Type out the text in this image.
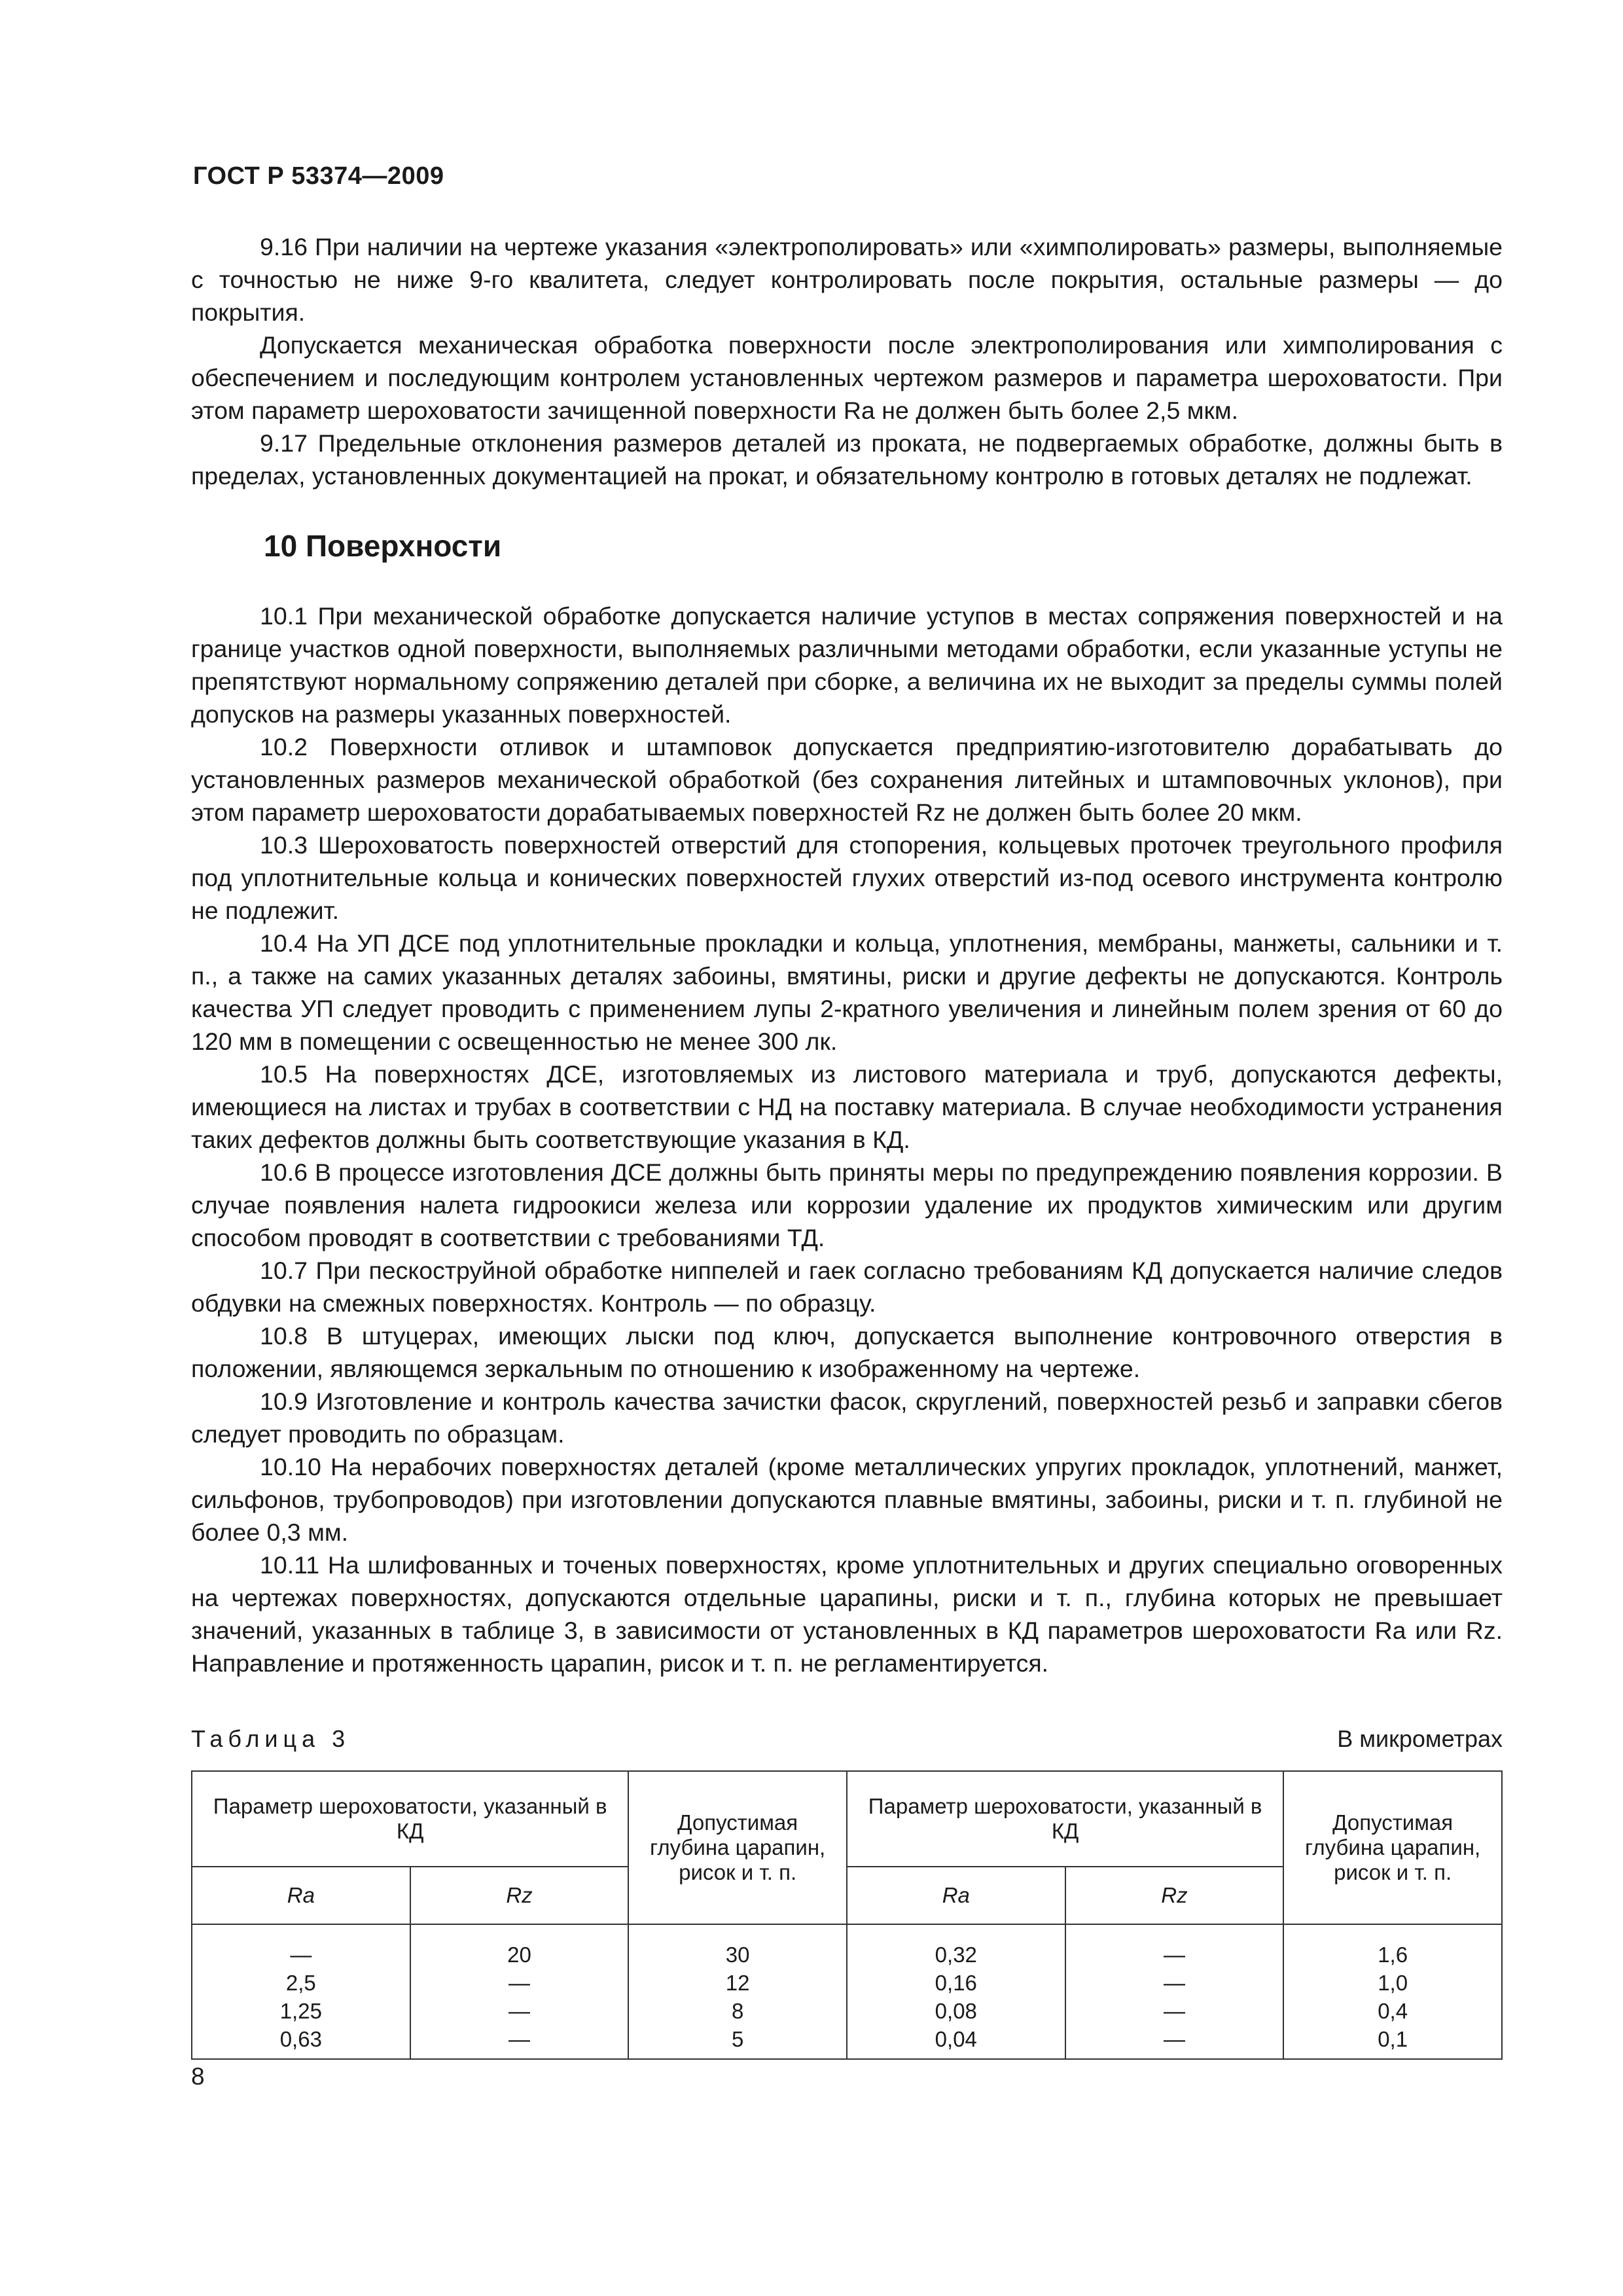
ГОСТ Р 53374—2009

9.16 При наличии на чертеже указания «электрополировать» или «химполировать» размеры, выполняемые с точностью не ниже 9-го квалитета, следует контролировать после покрытия, остальные размеры — до покрытия.

Допускается механическая обработка поверхности после электрополирования или химполирования с обеспечением и последующим контролем установленных чертежом размеров и параметра шероховатости. При этом параметр шероховатости зачищенной поверхности Ra не должен быть более 2,5 мкм.

9.17 Предельные отклонения размеров деталей из проката, не подвергаемых обработке, должны быть в пределах, установленных документацией на прокат, и обязательному контролю в готовых деталях не подлежат.

10 Поверхности

10.1 При механической обработке допускается наличие уступов в местах сопряжения поверхностей и на границе участков одной поверхности, выполняемых различными методами обработки, если указанные уступы не препятствуют нормальному сопряжению деталей при сборке, а величина их не выходит за пределы суммы полей допусков на размеры указанных поверхностей.

10.2 Поверхности отливок и штамповок допускается предприятию-изготовителю дорабатывать до установленных размеров механической обработкой (без сохранения литейных и штамповочных уклонов), при этом параметр шероховатости дорабатываемых поверхностей Rz не должен быть более 20 мкм.

10.3 Шероховатость поверхностей отверстий для стопорения, кольцевых проточек треугольного профиля под уплотнительные кольца и конических поверхностей глухих отверстий из-под осевого инструмента контролю не подлежит.

10.4 На УП ДСЕ под уплотнительные прокладки и кольца, уплотнения, мембраны, манжеты, сальники и т. п., а также на самих указанных деталях забоины, вмятины, риски и другие дефекты не допускаются. Контроль качества УП следует проводить с применением лупы 2-кратного увеличения и линейным полем зрения от 60 до 120 мм в помещении с освещенностью не менее 300 лк.

10.5 На поверхностях ДСЕ, изготовляемых из листового материала и труб, допускаются дефекты, имеющиеся на листах и трубах в соответствии с НД на поставку материала. В случае необходимости устранения таких дефектов должны быть соответствующие указания в КД.

10.6 В процессе изготовления ДСЕ должны быть приняты меры по предупреждению появления коррозии. В случае появления налета гидроокиси железа или коррозии удаление их продуктов химическим или другим способом проводят в соответствии с требованиями ТД.

10.7 При пескоструйной обработке ниппелей и гаек согласно требованиям КД допускается наличие следов обдувки на смежных поверхностях. Контроль — по образцу.

10.8 В штуцерах, имеющих лыски под ключ, допускается выполнение контровочного отверстия в положении, являющемся зеркальным по отношению к изображенному на чертеже.

10.9 Изготовление и контроль качества зачистки фасок, скруглений, поверхностей резьб и заправки сбегов следует проводить по образцам.

10.10 На нерабочих поверхностях деталей (кроме металлических упругих прокладок, уплотнений, манжет, сильфонов, трубопроводов) при изготовлении допускаются плавные вмятины, забоины, риски и т. п. глубиной не более 0,3 мм.

10.11 На шлифованных и точеных поверхностях, кроме уплотнительных и других специально оговоренных на чертежах поверхностях, допускаются отдельные царапины, риски и т. п., глубина которых не превышает значений, указанных в таблице 3, в зависимости от установленных в КД параметров шероховатости Ra или Rz. Направление и протяженность царапин, рисок и т. п. не регламентируется.

Таблица 3	В микрометрах
Параметр шероховатости, указанный в КД		Допустимая глубина царапин, рисок и т. п.	Параметр шероховатости, указанный в КД		Допустимая глубина царапин, рисок и т. п.
Ra	Rz		Ra	Rz	
—	20	30	0,32	—	1,6
2,5	—	12	0,16	—	1,0
1,25	—	8	0,08	—	0,4
0,63	—	5	0,04	—	0,1
8
